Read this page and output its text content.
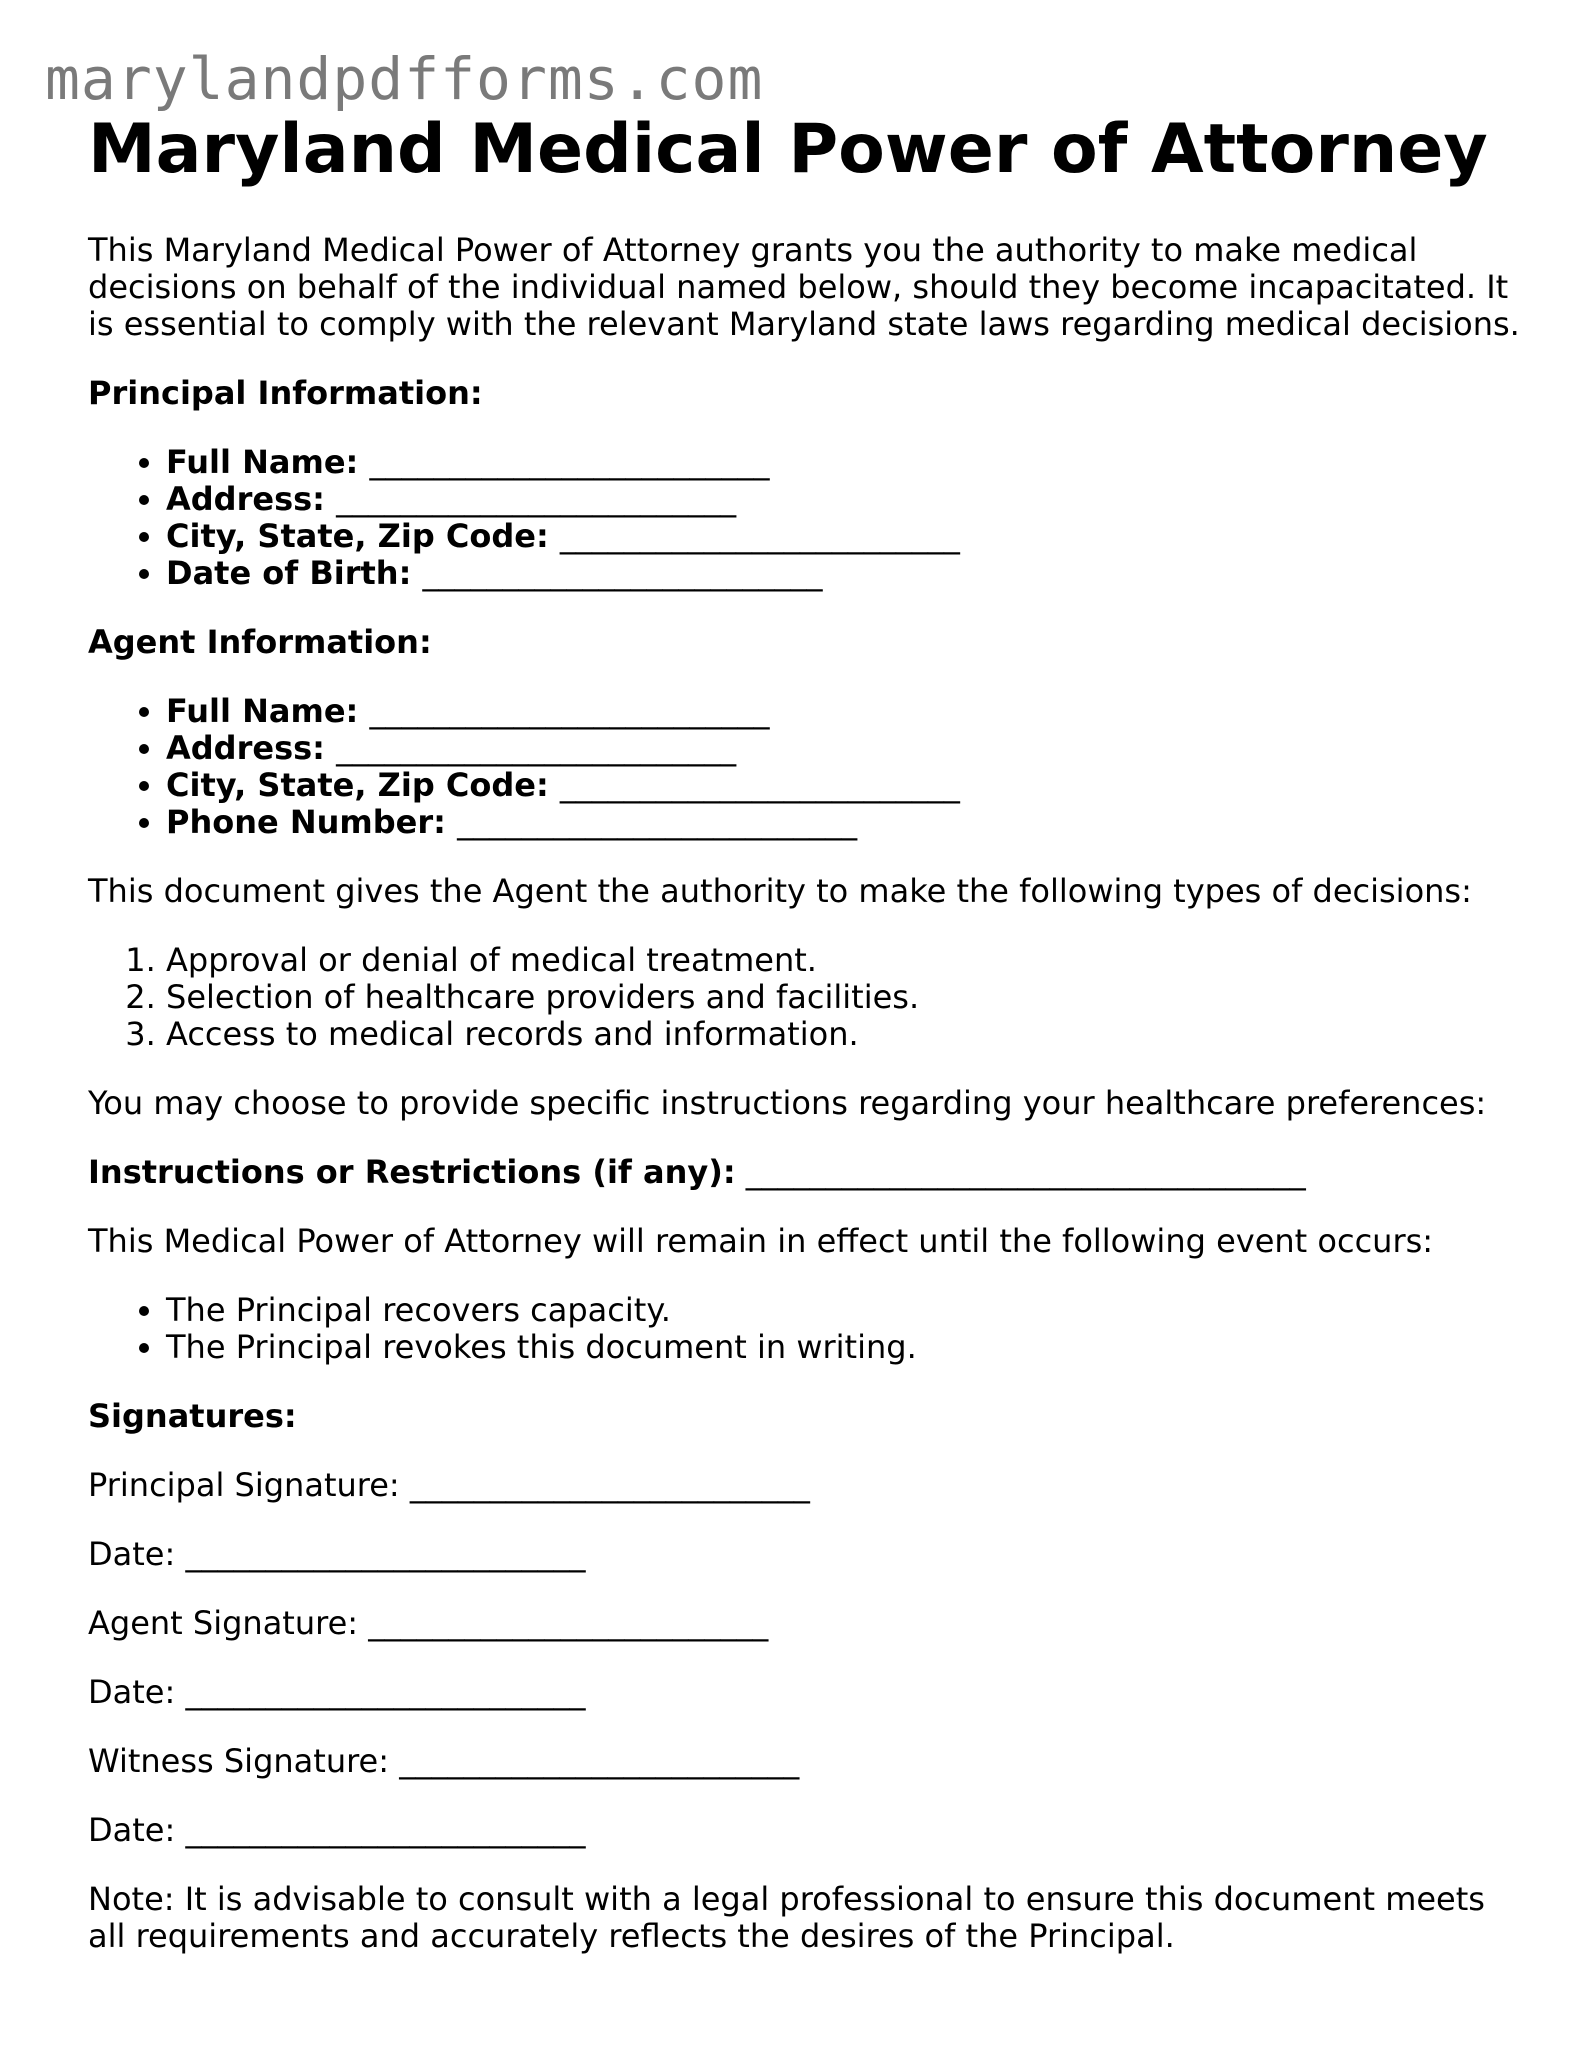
marylandpdfforms.com
Maryland Medical Power of Attorney

This Maryland Medical Power of Attorney grants you the authority to make medical decisions on behalf of the individual named below, should they become incapacitated. It is essential to comply with the relevant Maryland state laws regarding medical decisions.

Principal Information:

• Full Name: _________________________
• Address: _________________________
• City, State, Zip Code: _________________________
• Date of Birth: _________________________

Agent Information:

• Full Name: _________________________
• Address: _________________________
• City, State, Zip Code: _________________________
• Phone Number: _________________________

This document gives the Agent the authority to make the following types of decisions:

1. Approval or denial of medical treatment.
2. Selection of healthcare providers and facilities.
3. Access to medical records and information.

You may choose to provide specific instructions regarding your healthcare preferences:

Instructions or Restrictions (if any): ___________________________________

This Medical Power of Attorney will remain in effect until the following event occurs:

• The Principal recovers capacity.
• The Principal revokes this document in writing.

Signatures:

Principal Signature: _________________________

Date: _________________________

Agent Signature: _________________________

Date: _________________________

Witness Signature: _________________________

Date: _________________________

Note: It is advisable to consult with a legal professional to ensure this document meets all requirements and accurately reflects the desires of the Principal.
